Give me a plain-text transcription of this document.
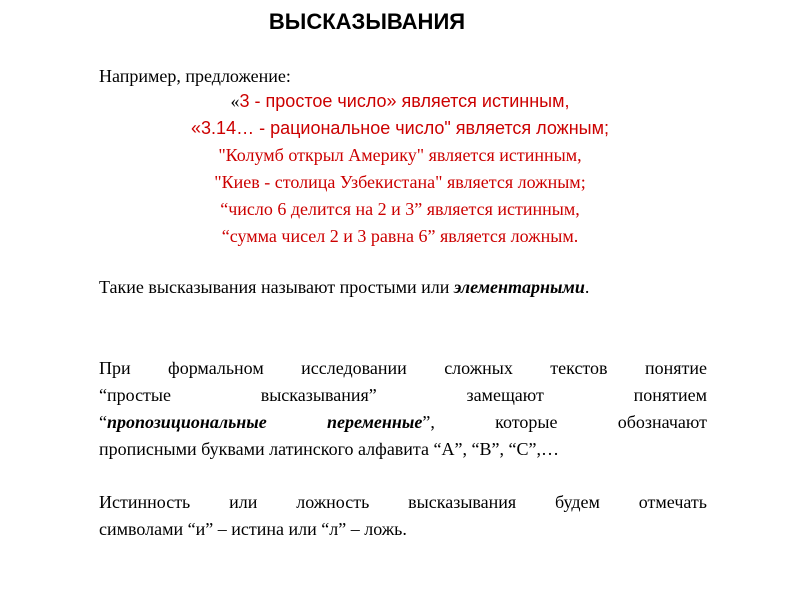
ВЫСКАЗЫВАНИЯ
Например, предложение:
«3 - простое число» является истинным,
«3.14… - рациональное число" является ложным;
"Колумб открыл Америку" является истинным,
"Киев - столица Узбекистана" является ложным;
“число 6 делится на 2 и 3” является истинным,
“сумма чисел 2 и 3 равна 6” является ложным.
Такие высказывания называют простыми или элементарными.
При формальном исследовании сложных текстов понятие
“простые высказывания” замещают понятием
“пропозициональные переменные”, которые обозначают
прописными буквами латинского алфавита “A”, “B”, “C”,…
Истинность или ложность высказывания будем отмечать
символами “и” – истина или “л” – ложь.
